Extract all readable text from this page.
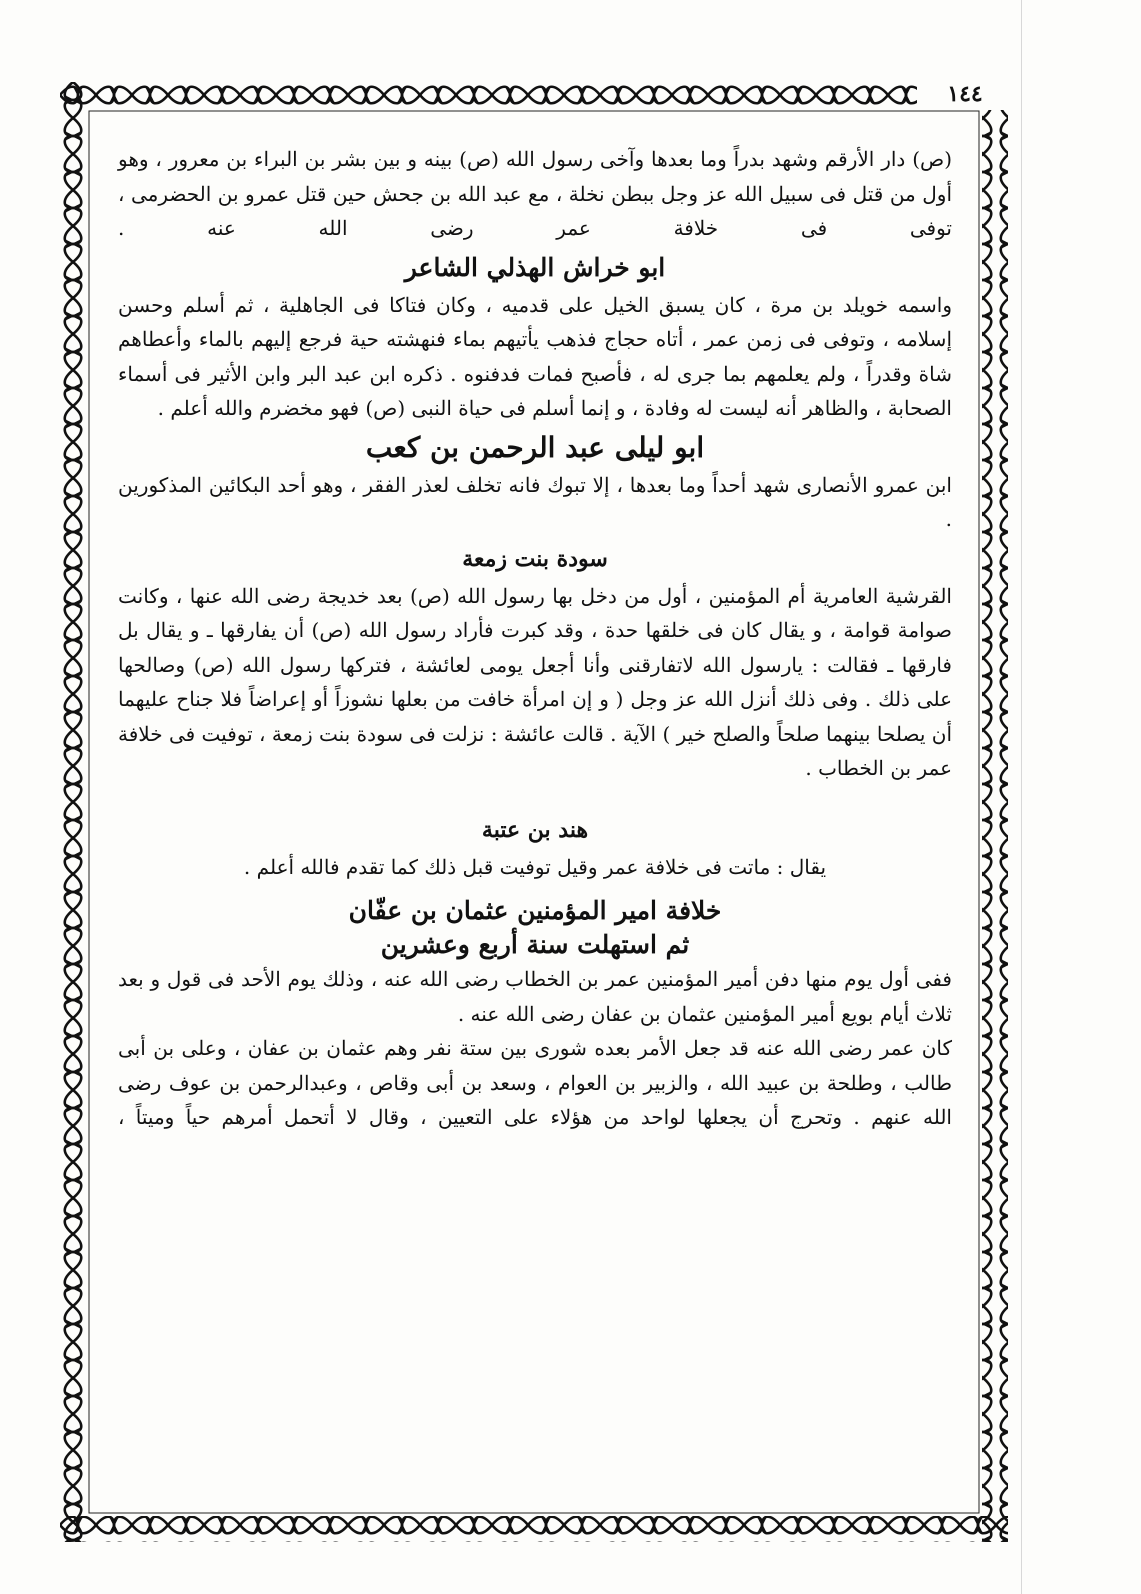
١٤٤

(ص) دار الأرقم وشهد بدراً وما بعدها وآخى رسول الله (ص) بينه و بين بشر بن البراء بن معرور ، وهو أول من قتل فى سبيل الله عز وجل ببطن نخلة ، مع عبد الله بن جحش حين قتل عمرو بن الحضرمى ، توفى فى خلافة عمر رضى الله عنه .

ابو خراش الهذلي الشاعر

واسمه خويلد بن مرة ، كان يسبق الخيل على قدميه ، وكان فتاكا فى الجاهلية ، ثم أسلم وحسن إسلامه ، وتوفى فى زمن عمر ، أتاه حجاج فذهب يأتيهم بماء فنهشته حية فرجع إليهم بالماء وأعطاهم شاة وقدراً ، ولم يعلمهم بما جرى له ، فأصبح فمات فدفنوه . ذكره ابن عبد البر وابن الأثير فى أسماء الصحابة ، والظاهر أنه ليست له وفادة ، و إنما أسلم فى حياة النبى (ص) فهو مخضرم والله أعلم .

ابو ليلى عبد الرحمن بن كعب

ابن عمرو الأنصارى شهد أحداً وما بعدها ، إلا تبوك فانه تخلف لعذر الفقر ، وهو أحد البكائين المذكورين .

سودة بنت زمعة

القرشية العامرية أم المؤمنين ، أول من دخل بها رسول الله (ص) بعد خديجة رضى الله عنها ، وكانت صوامة قوامة ، و يقال كان فى خلقها حدة ، وقد كبرت فأراد رسول الله (ص) أن يفارقها ـ و يقال بل فارقها ـ فقالت : يارسول الله لاتفارقنى وأنا أجعل يومى لعائشة ، فتركها رسول الله (ص) وصالحها على ذلك . وفى ذلك أنزل الله عز وجل ( و إن امرأة خافت من بعلها نشوزاً أو إعراضاً فلا جناح عليهما أن يصلحا بينهما صلحاً والصلح خير ) الآية . قالت عائشة : نزلت فى سودة بنت زمعة ، توفيت فى خلافة عمر بن الخطاب .

هند بن عتبة

يقال : ماتت فى خلافة عمر وقيل توفيت قبل ذلك كما تقدم فالله أعلم .

خلافة امير المؤمنين عثمان بن عفّان
ثم استهلت سنة أربع وعشرين

ففى أول يوم منها دفن أمير المؤمنين عمر بن الخطاب رضى الله عنه ، وذلك يوم الأحد فى قول و بعد ثلاث أيام بويع أمير المؤمنين عثمان بن عفان رضى الله عنه .

كان عمر رضى الله عنه قد جعل الأمر بعده شورى بين ستة نفر وهم عثمان بن عفان ، وعلى بن أبى طالب ، وطلحة بن عبيد الله ، والزبير بن العوام ، وسعد بن أبى وقاص ، وعبدالرحمن بن عوف رضى الله عنهم . وتحرج أن يجعلها لواحد من هؤلاء على التعيين ، وقال لا أتحمل أمرهم حياً وميتاً ،
